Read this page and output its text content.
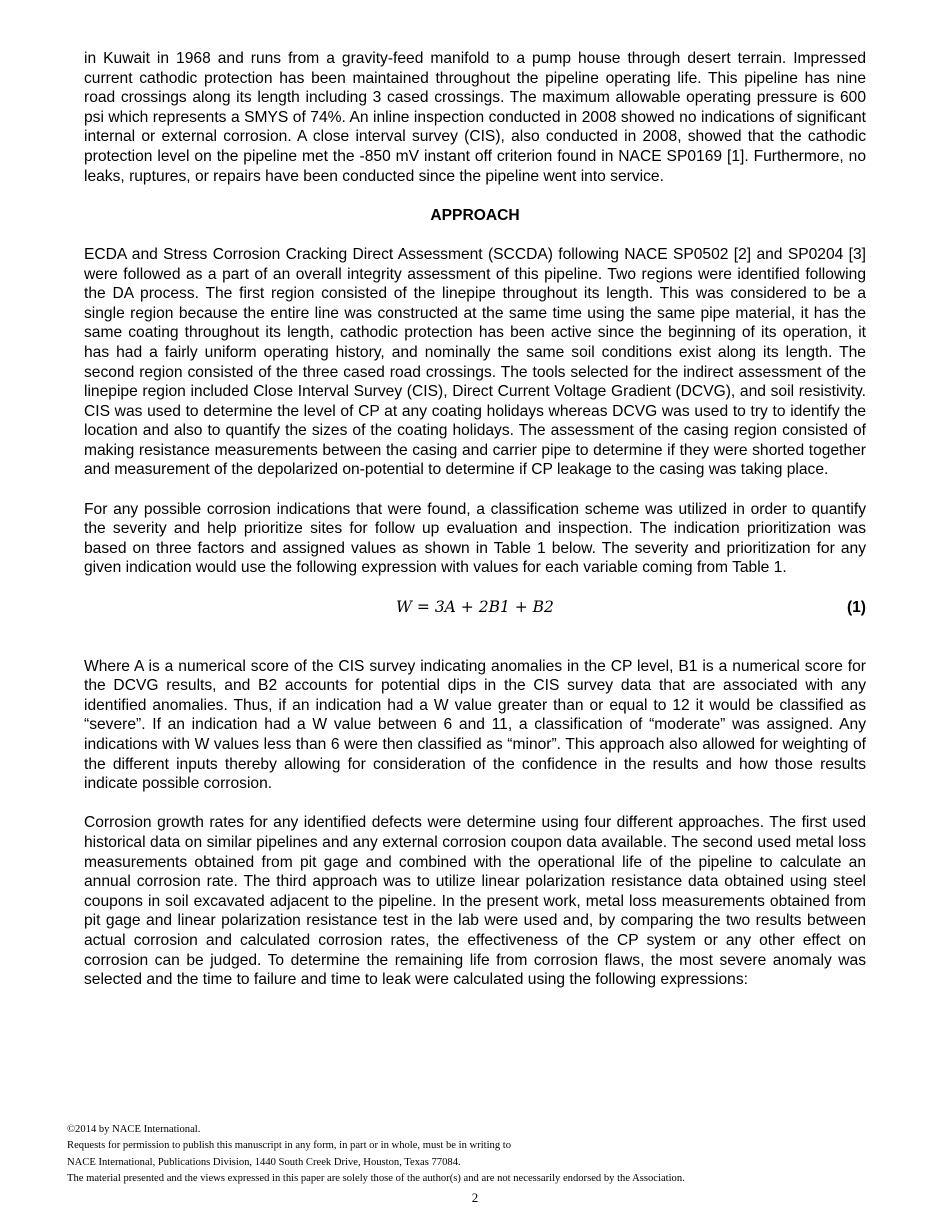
in Kuwait in 1968 and runs from a gravity-feed manifold to a pump house through desert terrain. Impressed current cathodic protection has been maintained throughout the pipeline operating life. This pipeline has nine road crossings along its length including 3 cased crossings. The maximum allowable operating pressure is 600 psi which represents a SMYS of 74%. An inline inspection conducted in 2008 showed no indications of significant internal or external corrosion. A close interval survey (CIS), also conducted in 2008, showed that the cathodic protection level on the pipeline met the -850 mV instant off criterion found in NACE SP0169 [1]. Furthermore, no leaks, ruptures, or repairs have been conducted since the pipeline went into service.

APPROACH

ECDA and Stress Corrosion Cracking Direct Assessment (SCCDA) following NACE SP0502 [2] and SP0204 [3] were followed as a part of an overall integrity assessment of this pipeline. Two regions were identified following the DA process. The first region consisted of the linepipe throughout its length. This was considered to be a single region because the entire line was constructed at the same time using the same pipe material, it has the same coating throughout its length, cathodic protection has been active since the beginning of its operation, it has had a fairly uniform operating history, and nominally the same soil conditions exist along its length. The second region consisted of the three cased road crossings. The tools selected for the indirect assessment of the linepipe region included Close Interval Survey (CIS), Direct Current Voltage Gradient (DCVG), and soil resistivity. CIS was used to determine the level of CP at any coating holidays whereas DCVG was used to try to identify the location and also to quantify the sizes of the coating holidays. The assessment of the casing region consisted of making resistance measurements between the casing and carrier pipe to determine if they were shorted together and measurement of the depolarized on-potential to determine if CP leakage to the casing was taking place.

For any possible corrosion indications that were found, a classification scheme was utilized in order to quantify the severity and help prioritize sites for follow up evaluation and inspection. The indication prioritization was based on three factors and assigned values as shown in Table 1 below. The severity and prioritization for any given indication would use the following expression with values for each variable coming from Table 1.

W = 3A + 2B1 + B2	(1)

Where A is a numerical score of the CIS survey indicating anomalies in the CP level, B1 is a numerical score for the DCVG results, and B2 accounts for potential dips in the CIS survey data that are associated with any identified anomalies. Thus, if an indication had a W value greater than or equal to 12 it would be classified as “severe”. If an indication had a W value between 6 and 11, a classification of “moderate” was assigned. Any indications with W values less than 6 were then classified as “minor”. This approach also allowed for weighting of the different inputs thereby allowing for consideration of the confidence in the results and how those results indicate possible corrosion.

Corrosion growth rates for any identified defects were determine using four different approaches. The first used historical data on similar pipelines and any external corrosion coupon data available. The second used metal loss measurements obtained from pit gage and combined with the operational life of the pipeline to calculate an annual corrosion rate. The third approach was to utilize linear polarization resistance data obtained using steel coupons in soil excavated adjacent to the pipeline. In the present work, metal loss measurements obtained from pit gage and linear polarization resistance test in the lab were used and, by comparing the two results between actual corrosion and calculated corrosion rates, the effectiveness of the CP system or any other effect on corrosion can be judged. To determine the remaining life from corrosion flaws, the most severe anomaly was selected and the time to failure and time to leak were calculated using the following expressions:

©2014 by NACE International.
Requests for permission to publish this manuscript in any form, in part or in whole, must be in writing to
NACE International, Publications Division, 1440 South Creek Drive, Houston, Texas 77084.
The material presented and the views expressed in this paper are solely those of the author(s) and are not necessarily endorsed by the Association.
2
